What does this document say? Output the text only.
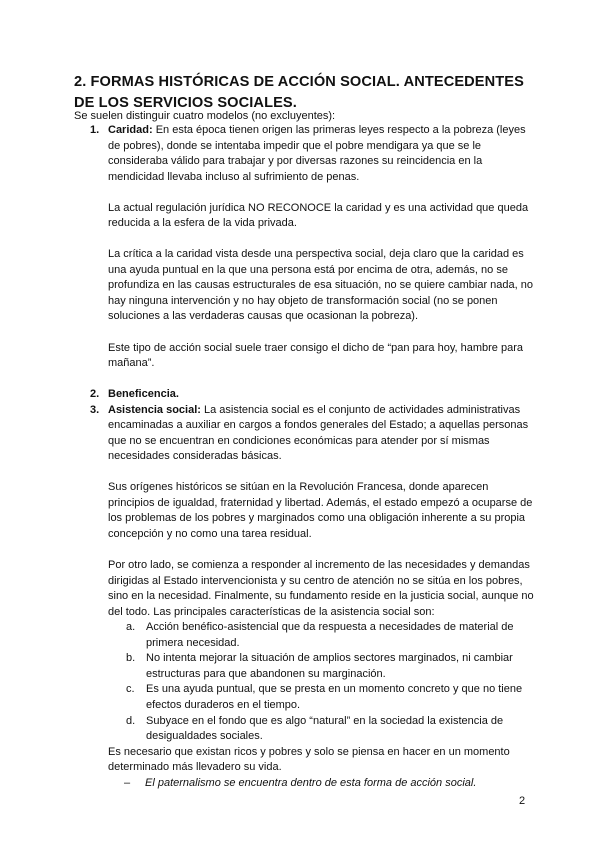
2. FORMAS HISTÓRICAS DE ACCIÓN SOCIAL. ANTECEDENTES DE LOS SERVICIOS SOCIALES.
Se suelen distinguir cuatro modelos (no excluyentes):
1. Caridad: En esta época tienen origen las primeras leyes respecto a la pobreza (leyes de pobres), donde se intentaba impedir que el pobre mendigara ya que se le consideraba válido para trabajar y por diversas razones su reincidencia en la mendicidad llevaba incluso al sufrimiento de penas.
La actual regulación jurídica NO RECONOCE la caridad y es una actividad que queda reducida a la esfera de la vida privada.
La crítica a la caridad vista desde una perspectiva social, deja claro que la caridad es una ayuda puntual en la que una persona está por encima de otra, además, no se profundiza en las causas estructurales de esa situación, no se quiere cambiar nada, no hay ninguna intervención y no hay objeto de transformación social (no se ponen soluciones a las verdaderas causas que ocasionan la pobreza).
Este tipo de acción social suele traer consigo el dicho de “pan para hoy, hambre para mañana”.
2. Beneficencia.
3. Asistencia social: La asistencia social es el conjunto de actividades administrativas encaminadas a auxiliar en cargos a fondos generales del Estado; a aquellas personas que no se encuentran en condiciones económicas para atender por sí mismas necesidades consideradas básicas.
Sus orígenes históricos se sitúan en la Revolución Francesa, donde aparecen principios de igualdad, fraternidad y libertad. Además, el estado empezó a ocuparse de los problemas de los pobres y marginados como una obligación inherente a su propia concepción y no como una tarea residual.
Por otro lado, se comienza a responder al incremento de las necesidades y demandas dirigidas al Estado intervencionista y su centro de atención no se sitúa en los pobres, sino en la necesidad. Finalmente, su fundamento reside en la justicia social, aunque no del todo. Las principales características de la asistencia social son:
a. Acción benéfico-asistencial que da respuesta a necesidades de material de primera necesidad.
b. No intenta mejorar la situación de amplios sectores marginados, ni cambiar estructuras para que abandonen su marginación.
c. Es una ayuda puntual, que se presta en un momento concreto y que no tiene efectos duraderos en el tiempo.
d. Subyace en el fondo que es algo “natural” en la sociedad la existencia de desigualdades sociales.
Es necesario que existan ricos y pobres y solo se piensa en hacer en un momento determinado más llevadero su vida.
– El paternalismo se encuentra dentro de esta forma de acción social.
2
